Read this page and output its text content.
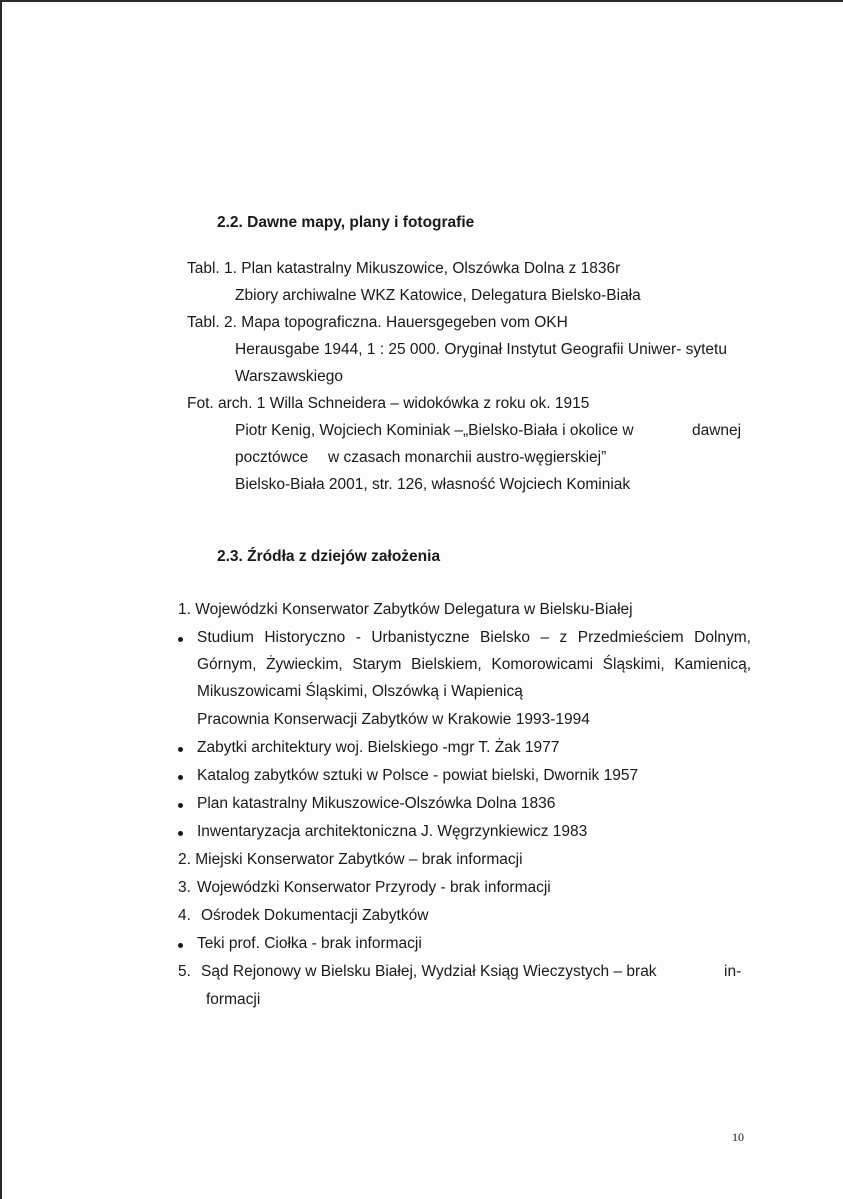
2.2. Dawne mapy, plany i fotografie
Tabl. 1. Plan katastralny Mikuszowice, Olszówka Dolna z 1836r
Zbiory archiwalne WKZ Katowice, Delegatura Bielsko-Biała
Tabl. 2. Mapa topograficzna. Hauersgegeben vom OKH
Herausgabe 1944, 1 : 25 000. Oryginał Instytut Geografii Uniwer- sytetu
Warszawskiego
Fot. arch. 1 Willa Schneidera – widokówka z roku ok. 1915
Piotr Kenig, Wojciech Kominiak –„Bielsko-Biała i okolice w	dawnej
pocztówce w czasach monarchii austro-węgierskiej”
Bielsko-Biała 2001, str. 126, własność Wojciech Kominiak
2.3. Źródła z dziejów założenia
1. Wojewódzki Konserwator Zabytków Delegatura w Bielsku-Białej
Studium Historyczno - Urbanistyczne Bielsko – z Przedmieściem Dolnym,
Górnym, Żywieckim, Starym Bielskiem, Komorowicami Śląskimi, Kamienicą,
Mikuszowicami Śląskimi, Olszówką i Wapienicą
Pracownia Konserwacji Zabytków w Krakowie 1993-1994
Zabytki architektury woj. Bielskiego -mgr T. Żak 1977
Katalog zabytków sztuki w Polsce - powiat bielski, Dwornik 1957
Plan katastralny Mikuszowice-Olszówka Dolna 1836
Inwentaryzacja architektoniczna J. Węgrzynkiewicz 1983
2. Miejski Konserwator Zabytków – brak informacji
3. Wojewódzki Konserwator Przyrody - brak informacji
4. Ośrodek Dokumentacji Zabytków
Teki prof. Ciołka - brak informacji
5. Sąd Rejonowy w Bielsku Białej, Wydział Ksiąg Wieczystych – brak	in-
formacji
10
